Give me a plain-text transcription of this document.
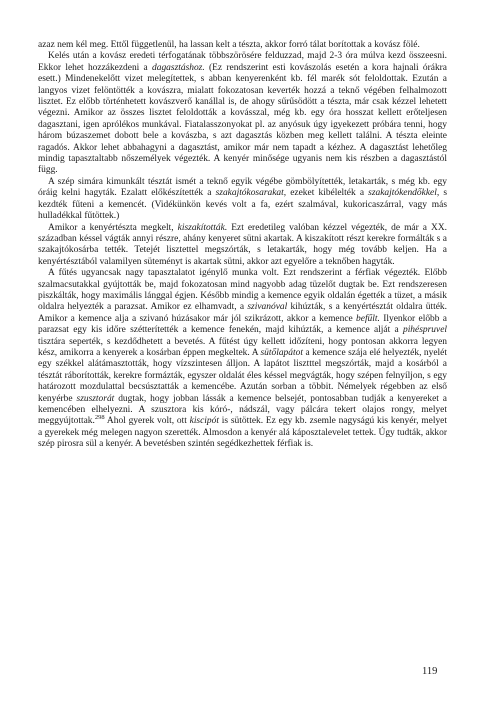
azaz nem kél meg. Ettől függetlenül, ha lassan kelt a tészta, akkor forró tálat borítottak a kovász fölé.

Kelés után a kovász eredeti térfogatának többszörösére felduzzad, majd 2-3 óra múlva kezd összeesni. Ekkor lehet hozzákezdeni a dagasztáshoz. (Ez rendszerint esti kovászolás esetén a kora hajnali órákra esett.) Mindenekelőtt vizet melegítettek, s abban kenyerenként kb. fél marék sót feloldottak. Ezután a langyos vizet felöntötték a kovászra, mialatt fokozatosan keverték hozzá a teknő végében felhalmozott lisztet. Ez előbb történhetett kovászverő kanállal is, de ahogy sűrűsödött a tészta, már csak kézzel lehetett végezni. Amikor az összes lisztet feloldották a kovásszal, még kb. egy óra hosszat kellett erőteljesen dagasztani, igen aprólékos munkával. Fiatalasszonyokat pl. az anyósuk úgy igyekezett próbára tenni, hogy három búzaszemet dobott bele a kovászba, s azt dagasztás közben meg kellett találni. A tészta eleinte ragadós. Akkor lehet abbahagyni a dagasztást, amikor már nem tapadt a kézhez. A dagasztást lehetőleg mindig tapasztaltabb nőszemélyek végezték. A kenyér minősége ugyanis nem kis részben a dagasztástól függ.

A szép simára kimunkált tésztát ismét a teknő egyik végébe gömbölyítették, letakarták, s még kb. egy óráig kelni hagyták. Ezalatt előkészítették a szakajtókosarakat, ezeket kibélelték a szakajtókendőkkel, s kezdték fűteni a kemencét. (Vidékünkön kevés volt a fa, ezért szalmával, kukoricaszárral, vagy más hulladékkal fűtöttek.)

Amikor a kenyértészta megkelt, kiszakították. Ezt eredetileg valóban kézzel végezték, de már a XX. században késsel vágták annyi részre, ahány kenyeret sütni akartak. A kiszakított részt kerekre formálták s a szakajtókosárba tették. Tetejét lisztettel megszórták, s letakarták, hogy még tovább keljen. Ha a kenyértésztából valamilyen süteményt is akartak sütni, akkor azt egyelőre a teknőben hagyták.

A fűtés ugyancsak nagy tapasztalatot igénylő munka volt. Ezt rendszerint a férfiak végezték. Előbb szalmacsutakkal gyújtották be, majd fokozatosan mind nagyobb adag tüzelőt dugtak be. Ezt rendszeresen piszkálták, hogy maximális lánggal égjen. Később mindig a kemence egyik oldalán égették a tüzet, a másik oldalra helyezték a parazsat. Amikor ez elhamvadt, a szivanóval kihúzták, s a kenyértésztát oldalra ütték. Amikor a kemence alja a szivanó húzásakor már jól szikrázott, akkor a kemence befűlt. Ilyenkor előbb a parazsat egy kis időre szétterítették a kemence fenekén, majd kihúzták, a kemence alját a pihéspruvel tisztára seperték, s kezdődhetett a bevetés. A fűtést úgy kellett időzíteni, hogy pontosan akkorra legyen kész, amikorra a kenyerek a kosárban éppen megkeltek. A sütőlapátot a kemence szája elé helyezték, nyelét egy székkel alátámasztották, hogy vízszintesen álljon. A lapátot lisztttel megszórták, majd a kosárból a tésztát ráborították, kerekre formázták, egyszer oldalát éles késsel megvágták, hogy szépen felnyíljon, s egy határozott mozdulattal becsúsztatták a kemencébe. Azután sorban a többit. Némelyek régebben az első kenyérbe szusztorát dugtak, hogy jobban lássák a kemence belsejét, pontosabban tudják a kenyereket a kemencében elhelyezni. A szusztora kis kóró-, nádszál, vagy pálcára tekert olajos rongy, melyet meggyújtottak.$^{298}$ Ahol gyerek volt, ott kiscipót is sütöttek. Ez egy kb. zsemle nagyságú kis kenyér, melyet a gyerekek még melegen nagyon szerették. Almosdon a kenyér alá káposztalevelet tettek. Úgy tudták, akkor szép pirosra sül a kenyér. A bevetésben szintén segédkezhettek férfiak is.

119
